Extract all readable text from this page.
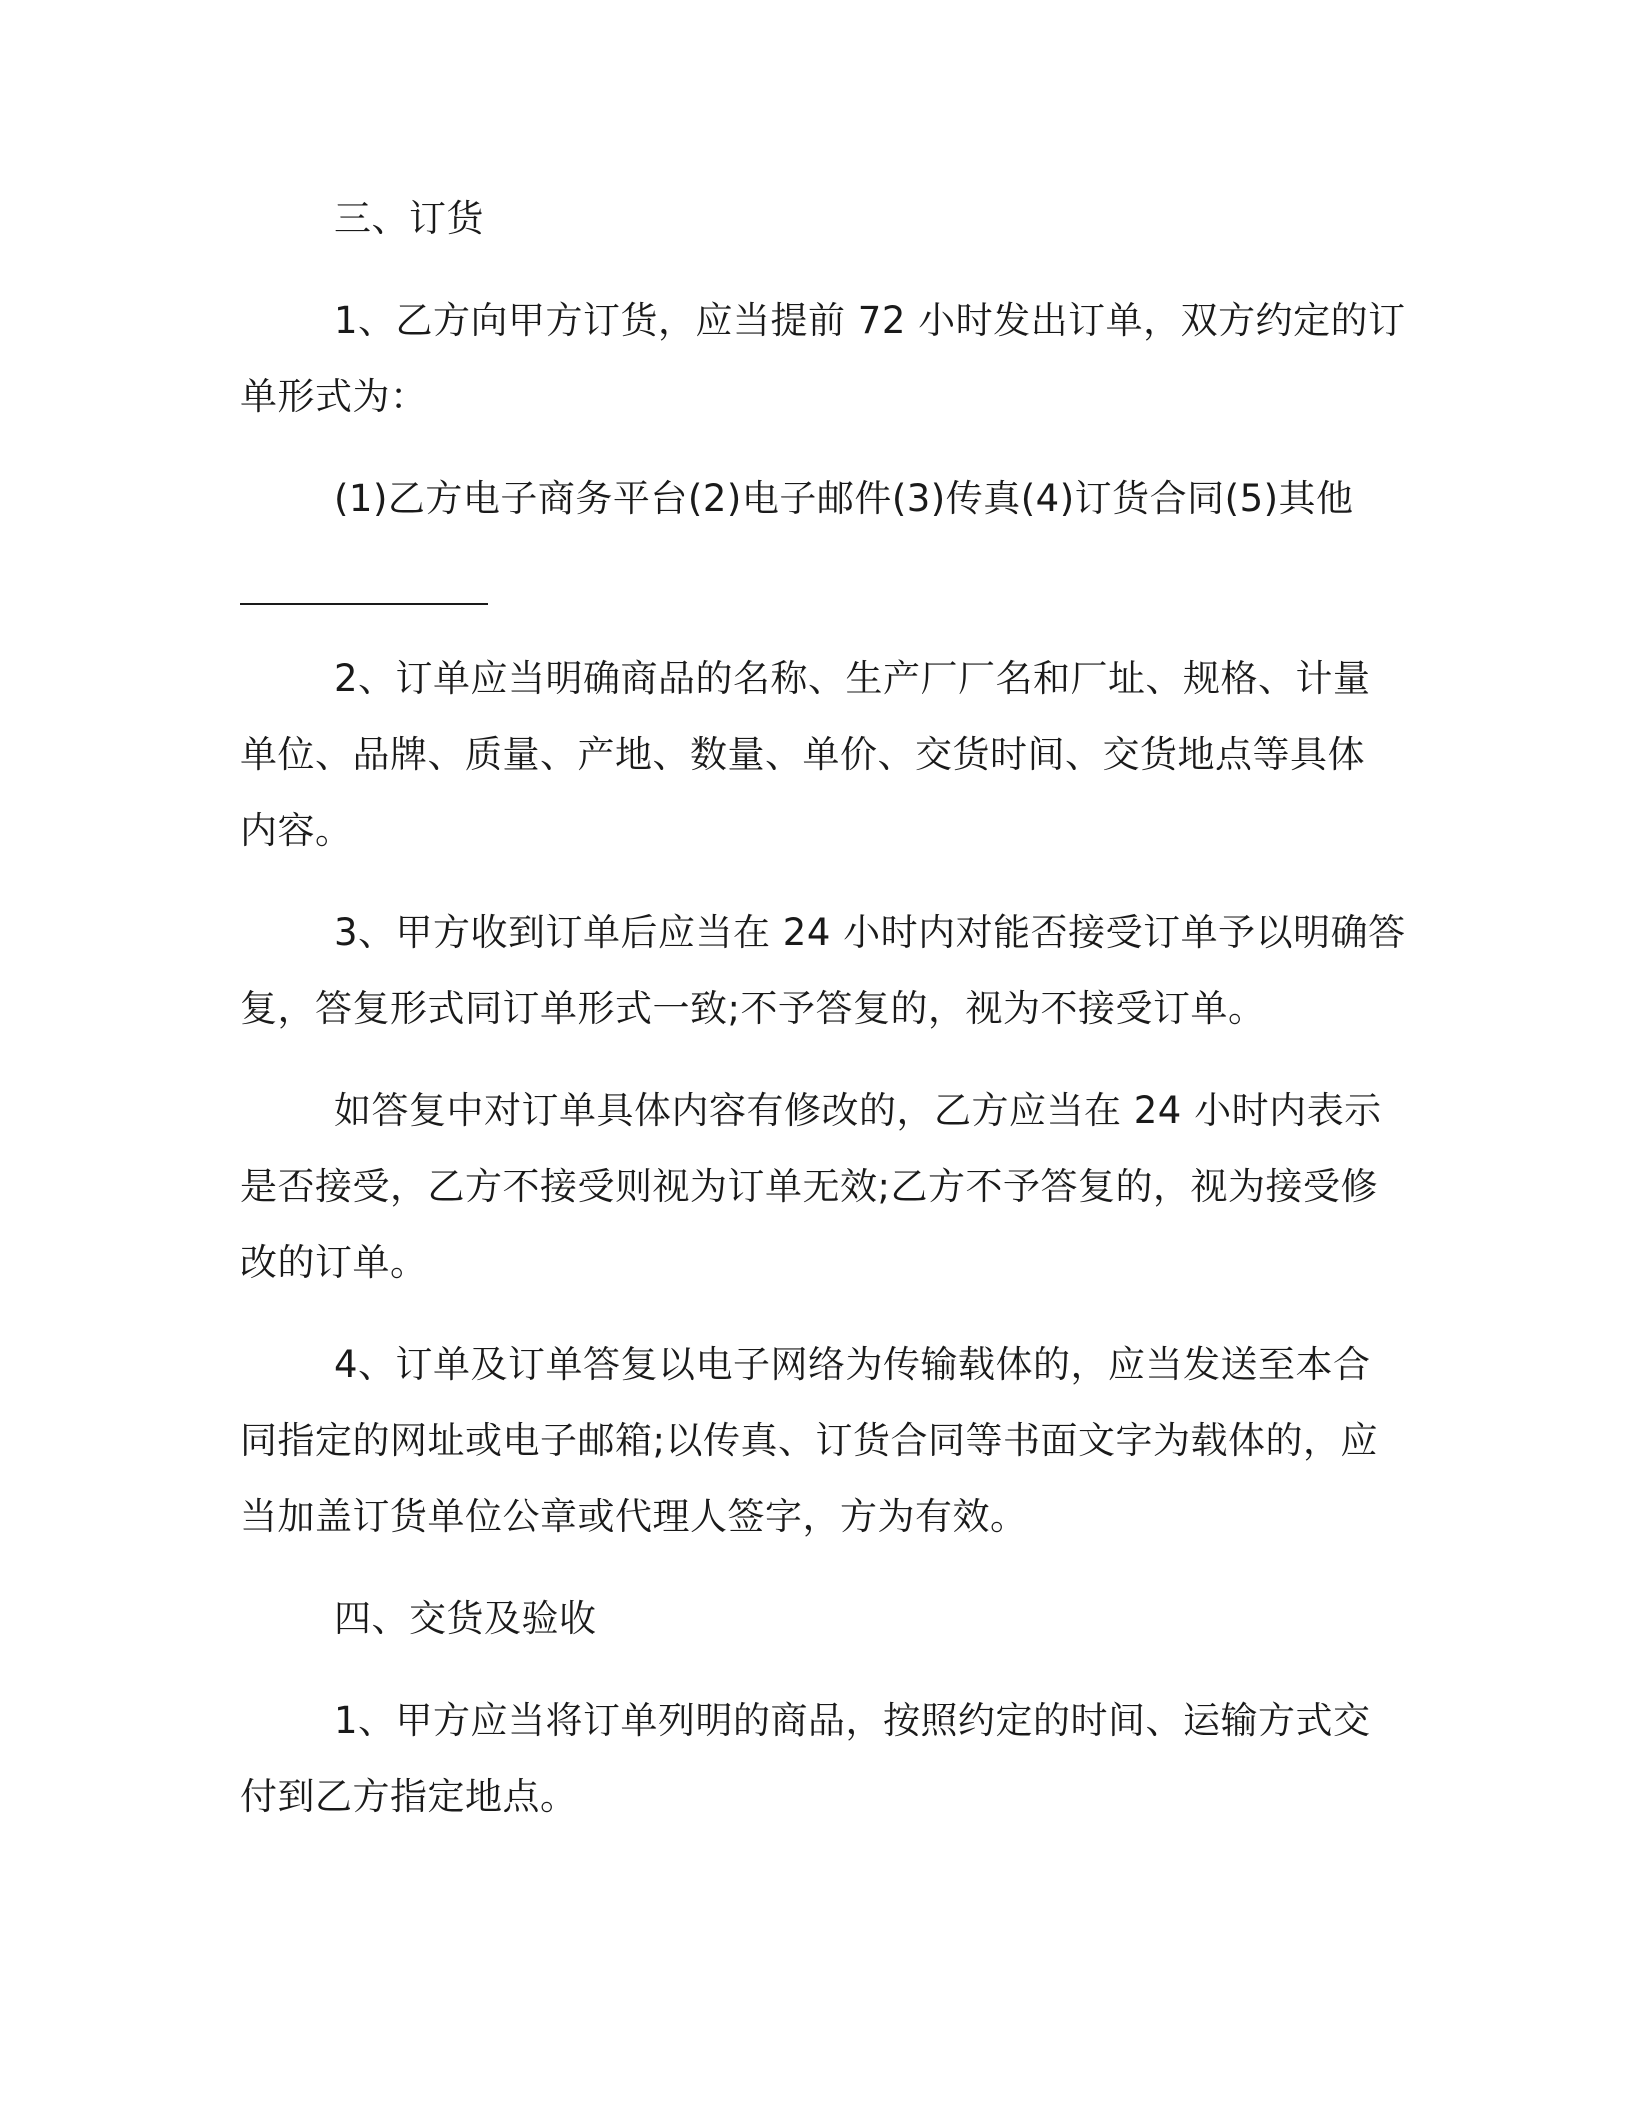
三、订货
1、乙方向甲方订货，应当提前 72 小时发出订单，双方约定的订
单形式为：
(1)乙方电子商务平台(2)电子邮件(3)传真(4)订货合同(5)其他
2、订单应当明确商品的名称、生产厂厂名和厂址、规格、计量
单位、品牌、质量、产地、数量、单价、交货时间、交货地点等具体
内容。
3、甲方收到订单后应当在 24 小时内对能否接受订单予以明确答
复，答复形式同订单形式一致;不予答复的，视为不接受订单。
如答复中对订单具体内容有修改的，乙方应当在 24 小时内表示
是否接受，乙方不接受则视为订单无效;乙方不予答复的，视为接受修
改的订单。
4、订单及订单答复以电子网络为传输载体的，应当发送至本合
同指定的网址或电子邮箱;以传真、订货合同等书面文字为载体的，应
当加盖订货单位公章或代理人签字，方为有效。
四、交货及验收
1、甲方应当将订单列明的商品，按照约定的时间、运输方式交
付到乙方指定地点。
